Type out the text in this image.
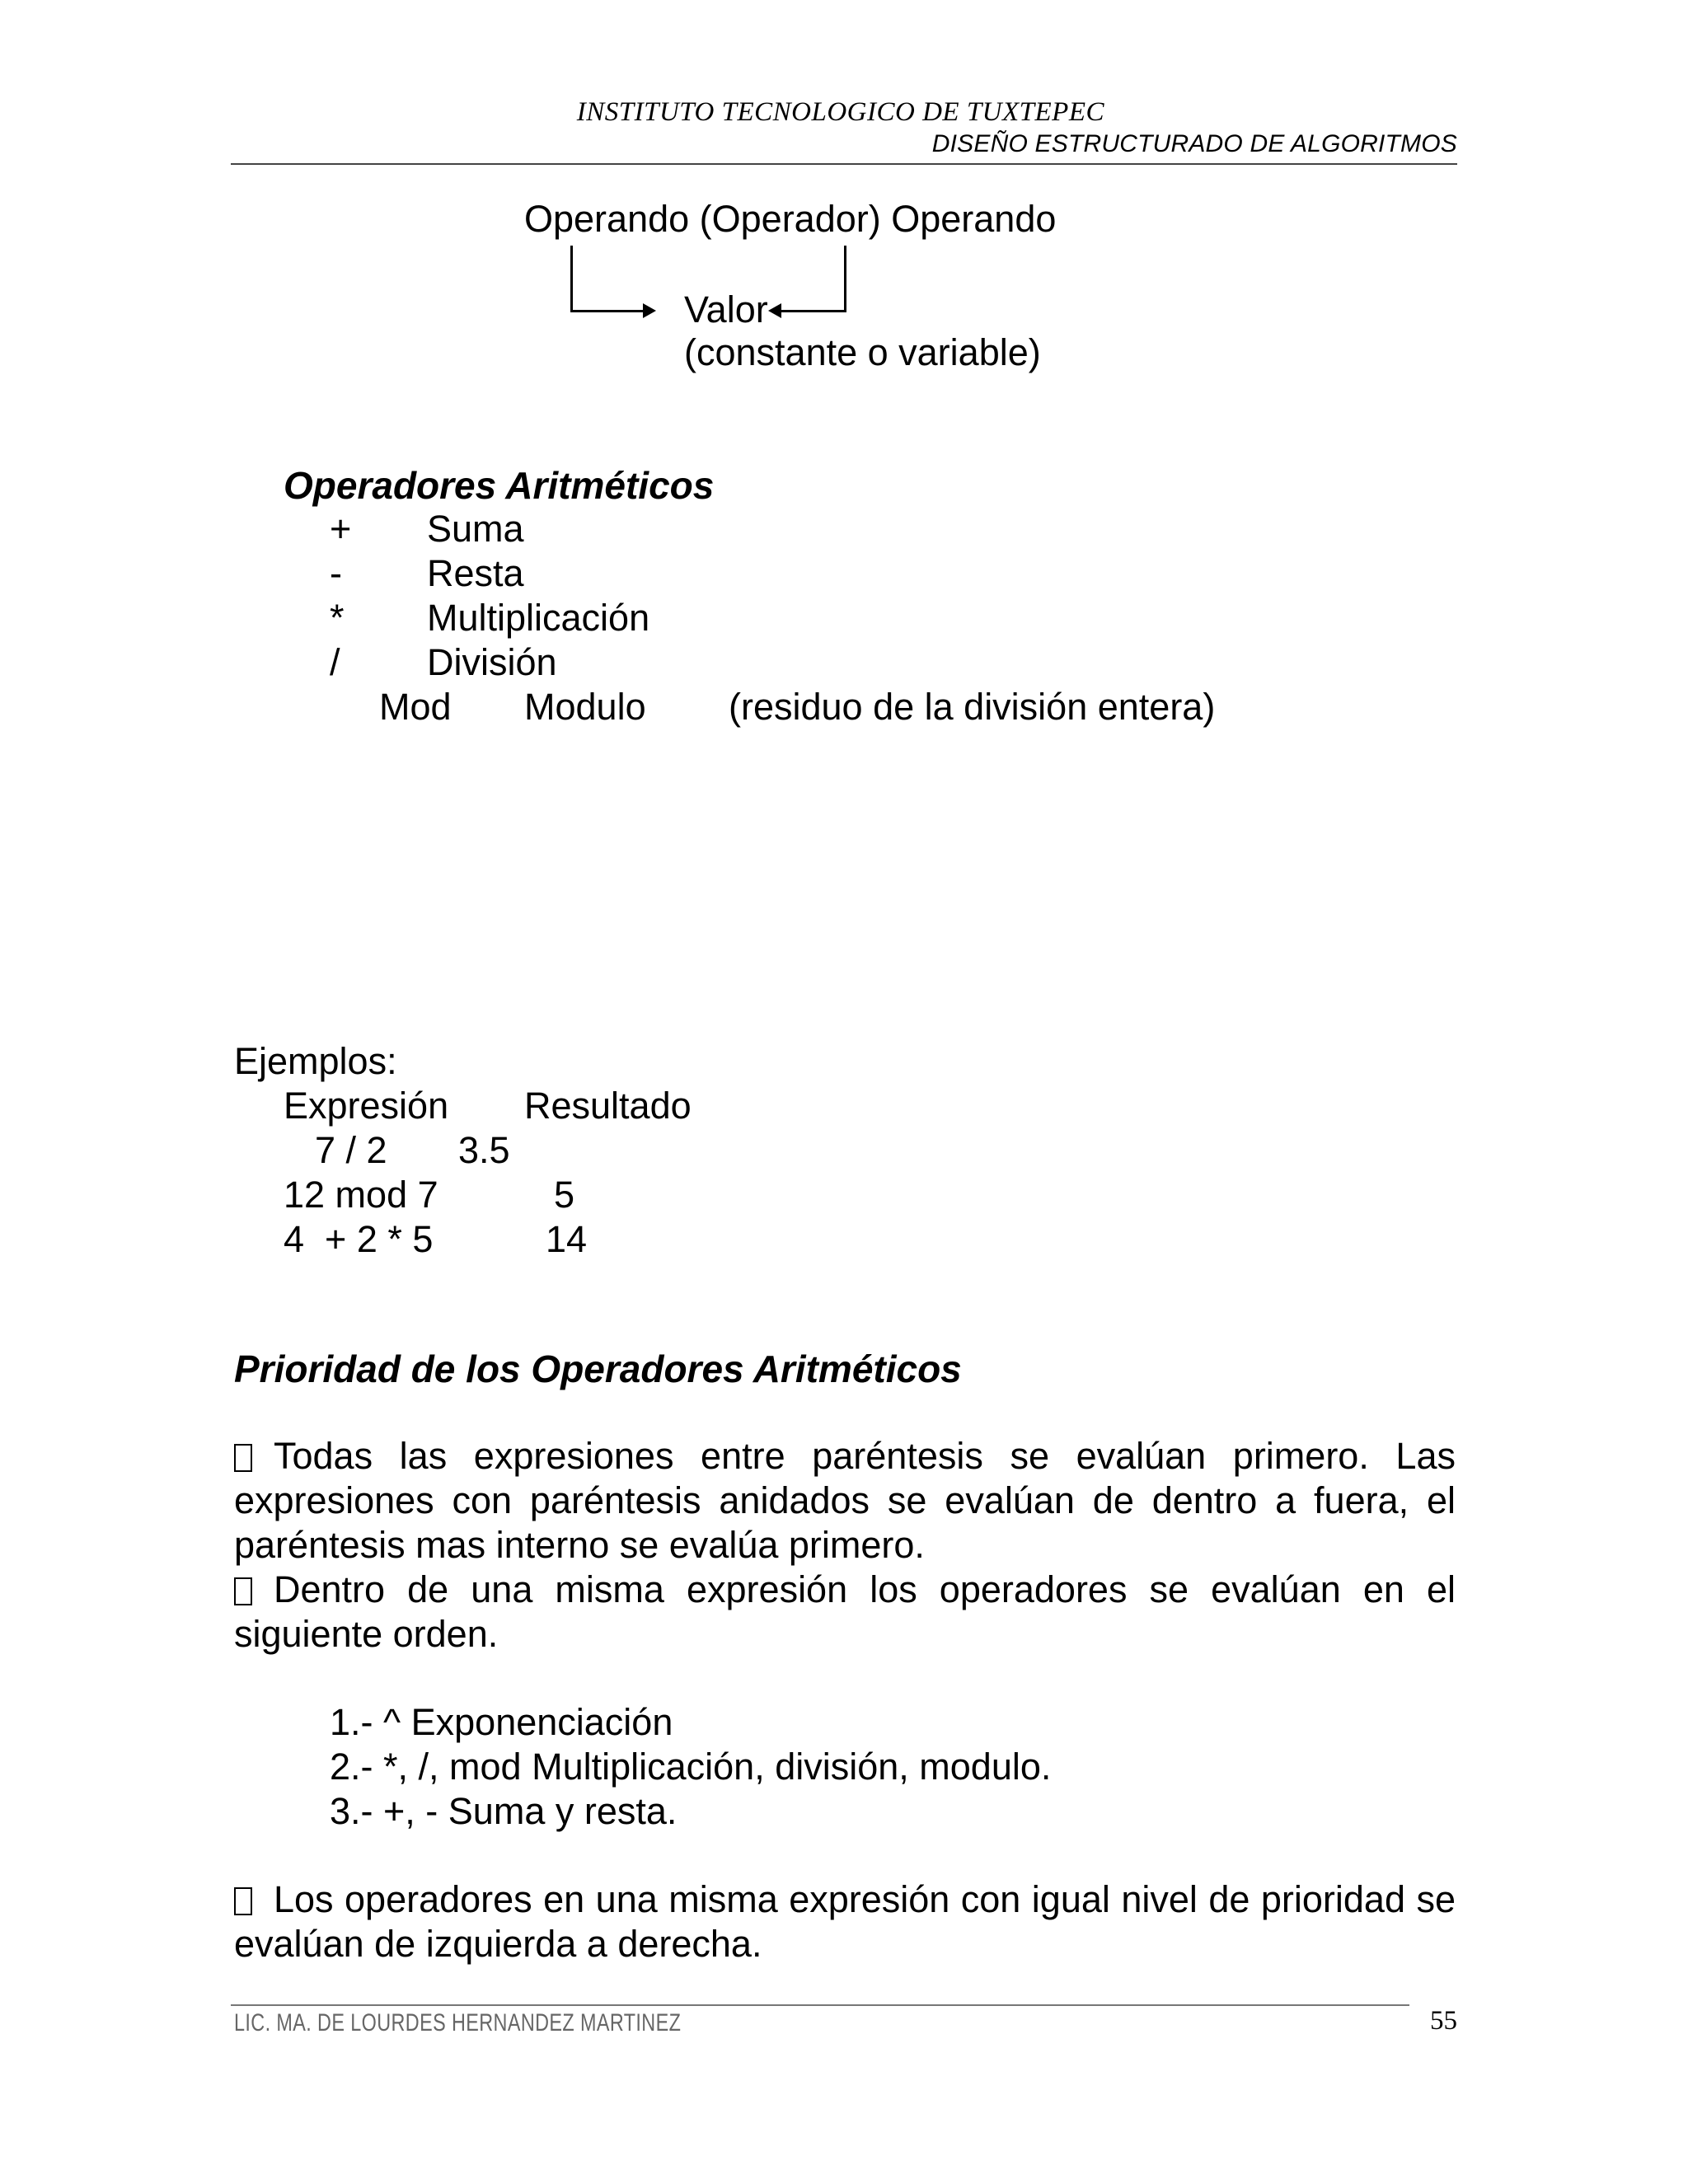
INSTITUTO TECNOLOGICO DE TUXTEPEC
DISEÑO ESTRUCTURADO DE ALGORITMOS
Operando (Operador) Operando
Valor
(constante o variable)
Operadores Aritméticos
+ Suma
- Resta
* Multiplicación
/ División
Mod Modulo (residuo de la división entera)
Ejemplos:
Expresión Resultado
7 / 2 3.5
12 mod 7	5
4  + 2 * 5	14
Prioridad de los Operadores Aritméticos
Todas las expresiones entre paréntesis se evalúan primero. Las expresiones con paréntesis anidados se evalúan de dentro a fuera, el paréntesis mas interno se evalúa primero.
Dentro de una misma expresión los operadores se evalúan en el siguiente orden.
1.- ^ Exponenciación
2.- *, /, mod Multiplicación, división, modulo.
3.- +, - Suma y resta.
Los operadores en una misma expresión con igual nivel de prioridad se evalúan de izquierda a derecha.
LIC. MA. DE LOURDES HERNANDEZ MARTINEZ	55
